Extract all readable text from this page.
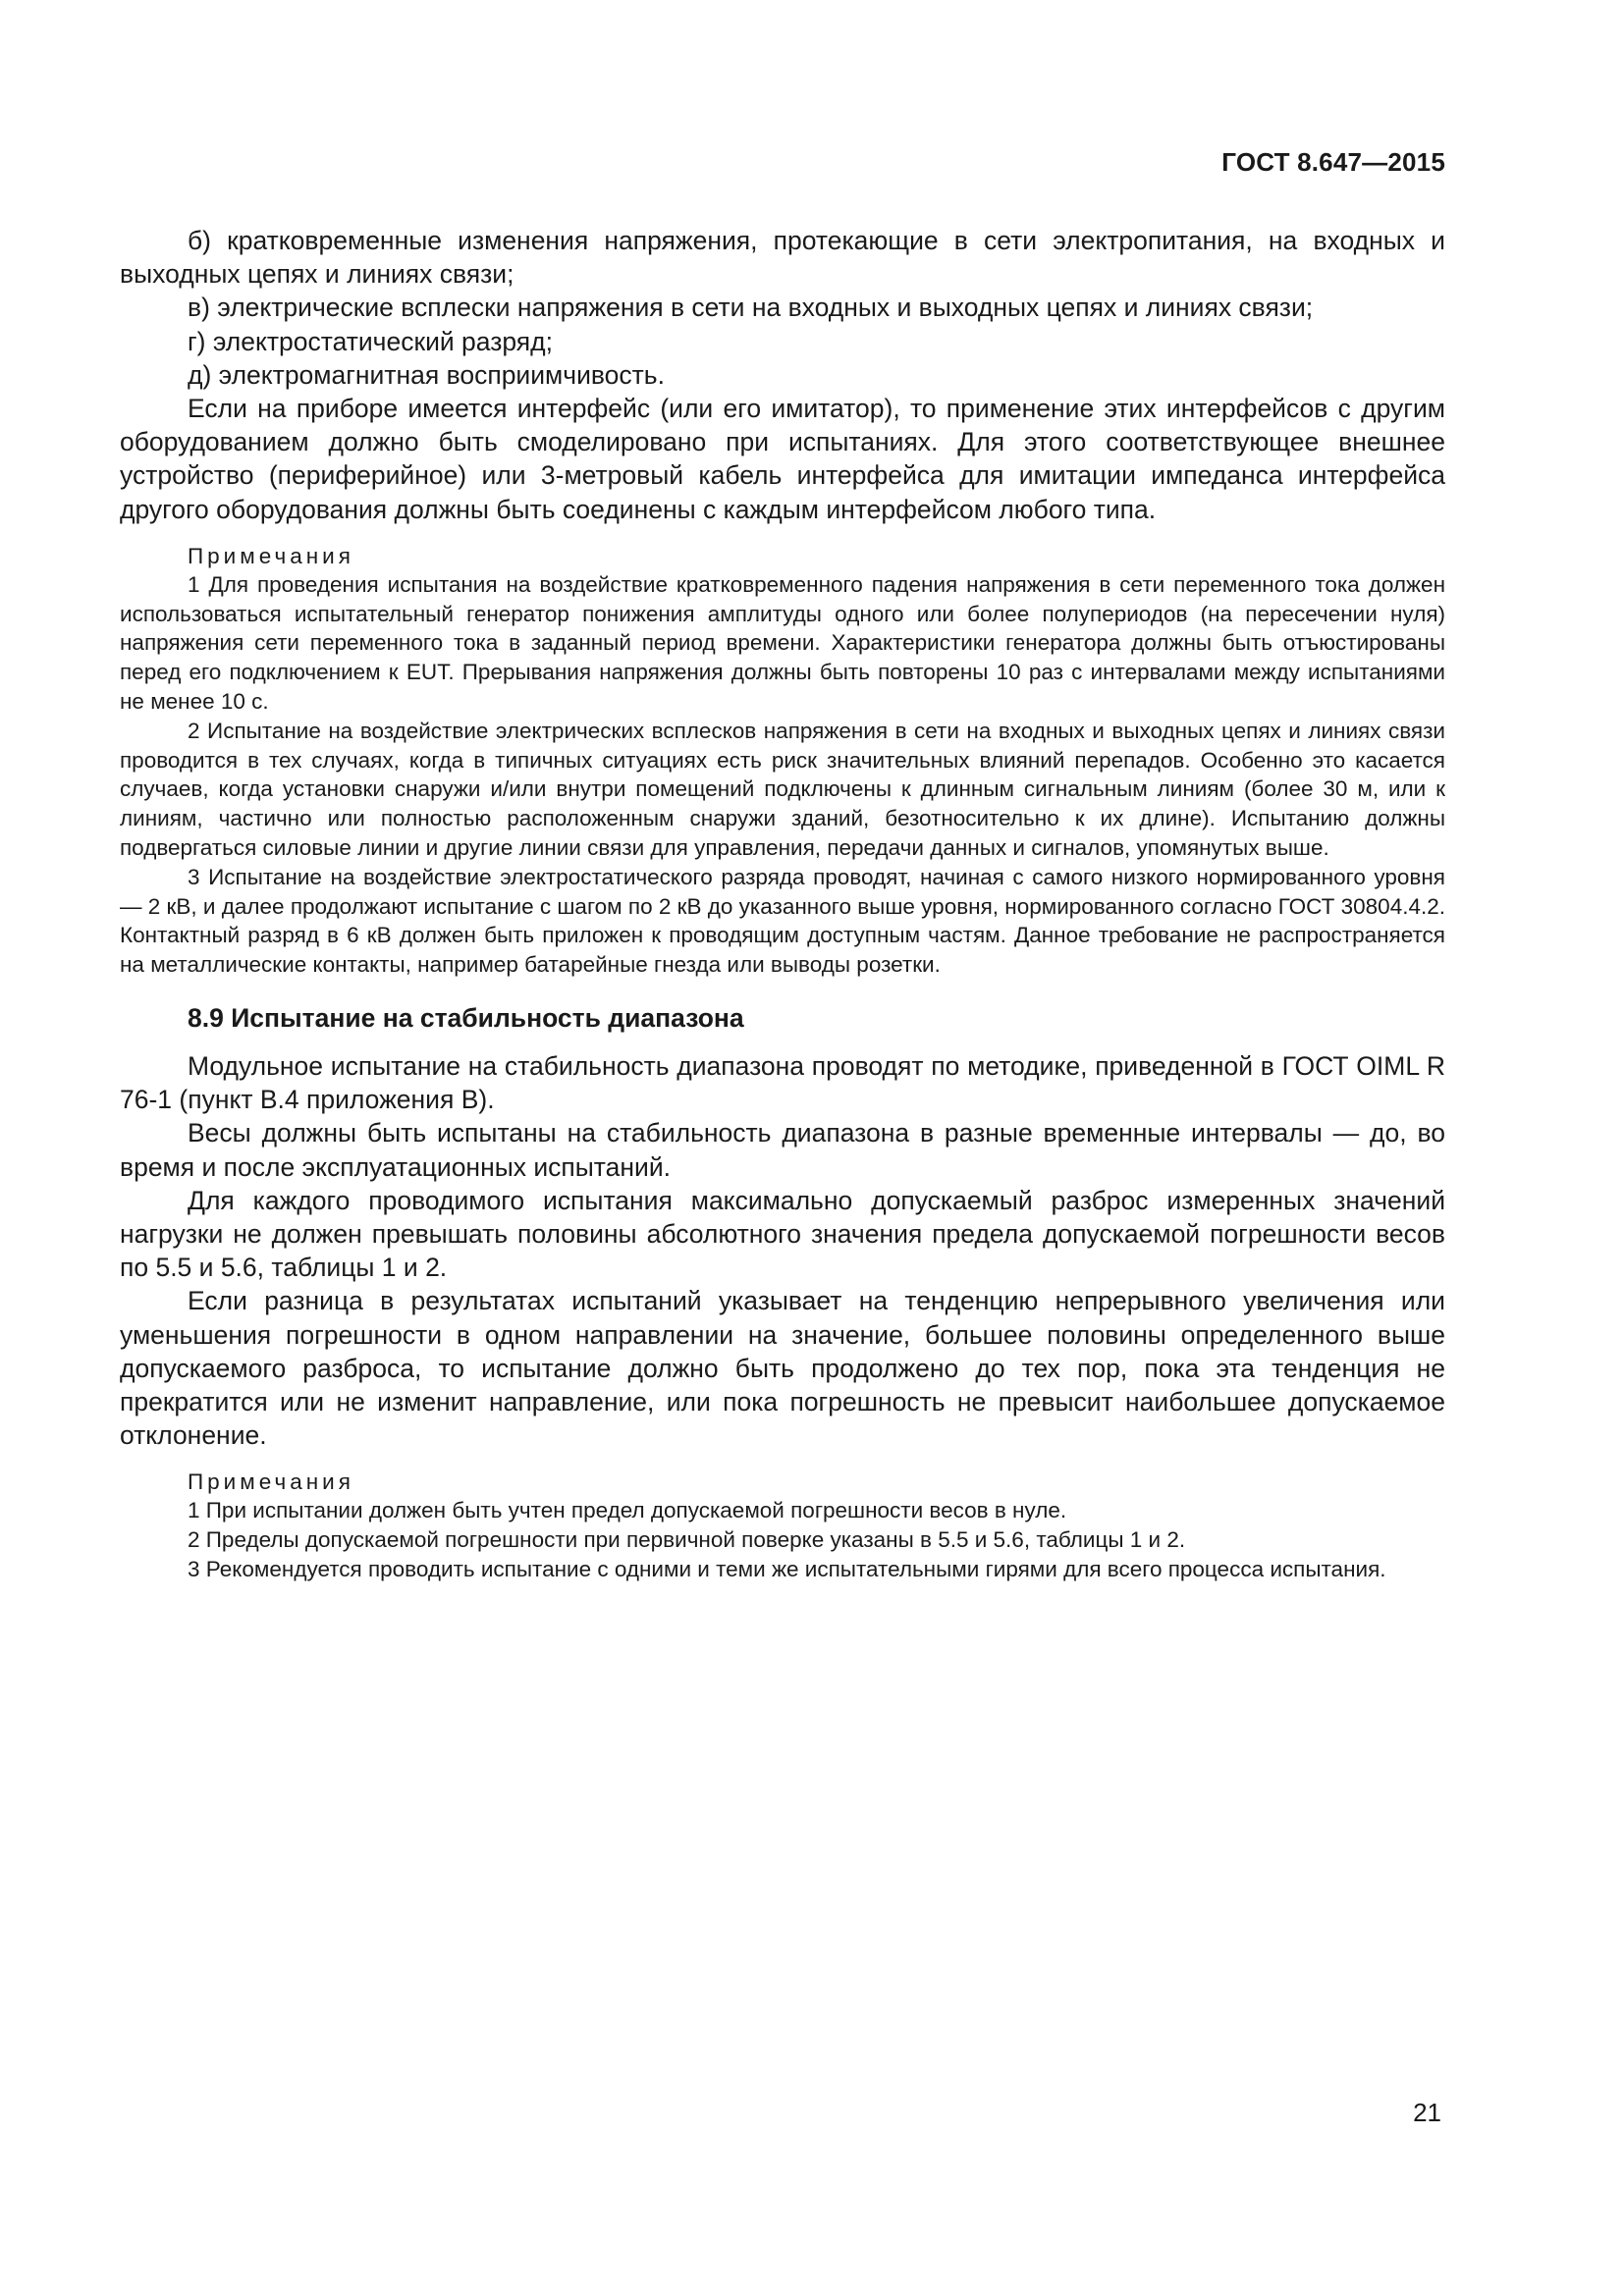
ГОСТ 8.647—2015

б) кратковременные изменения напряжения, протекающие в сети электропитания, на входных и выходных цепях и линиях связи;

в) электрические всплески напряжения в сети на входных и выходных цепях и линиях связи;

г) электростатический разряд;

д) электромагнитная восприимчивость.

Если на приборе имеется интерфейс (или его имитатор), то применение этих интерфейсов с другим оборудованием должно быть смоделировано при испытаниях. Для этого соответствующее внешнее устройство (периферийное) или 3-метровый кабель интерфейса для имитации импеданса интерфейса другого оборудования должны быть соединены с каждым интерфейсом любого типа.

Примечания

1 Для проведения испытания на воздействие кратковременного падения напряжения в сети переменного тока должен использоваться испытательный генератор понижения амплитуды одного или более полупериодов (на пересечении нуля) напряжения сети переменного тока в заданный период времени. Характеристики генератора должны быть отъюстированы перед его подключением к EUT. Прерывания напряжения должны быть повторены 10 раз с интервалами между испытаниями не менее 10 с.

2 Испытание на воздействие электрических всплесков напряжения в сети на входных и выходных цепях и линиях связи проводится в тех случаях, когда в типичных ситуациях есть риск значительных влияний перепадов. Особенно это касается случаев, когда установки снаружи и/или внутри помещений подключены к длинным сигнальным линиям (более 30 м, или к линиям, частично или полностью расположенным снаружи зданий, безотносительно к их длине). Испытанию должны подвергаться силовые линии и другие линии связи для управления, передачи данных и сигналов, упомянутых выше.

3 Испытание на воздействие электростатического разряда проводят, начиная с самого низкого нормированного уровня — 2 кВ, и далее продолжают испытание с шагом по 2 кВ до указанного выше уровня, нормированного согласно ГОСТ 30804.4.2. Контактный разряд в 6 кВ должен быть приложен к проводящим доступным частям. Данное требование не распространяется на металлические контакты, например батарейные гнезда или выводы розетки.

8.9 Испытание на стабильность диапазона

Модульное испытание на стабильность диапазона проводят по методике, приведенной в ГОСТ OIML R 76-1 (пункт В.4 приложения В).

Весы должны быть испытаны на стабильность диапазона в разные временные интервалы — до, во время и после эксплуатационных испытаний.

Для каждого проводимого испытания максимально допускаемый разброс измеренных значений нагрузки не должен превышать половины абсолютного значения предела допускаемой погрешности весов по 5.5 и 5.6, таблицы 1 и 2.

Если разница в результатах испытаний указывает на тенденцию непрерывного увеличения или уменьшения погрешности в одном направлении на значение, большее половины определенного выше допускаемого разброса, то испытание должно быть продолжено до тех пор, пока эта тенденция не прекратится или не изменит направление, или пока погрешность не превысит наибольшее допускаемое отклонение.

Примечания

1 При испытании должен быть учтен предел допускаемой погрешности весов в нуле.

2 Пределы допускаемой погрешности при первичной поверке указаны в 5.5 и 5.6, таблицы 1 и 2.

3 Рекомендуется проводить испытание с одними и теми же испытательными гирями для всего процесса испытания.

21
